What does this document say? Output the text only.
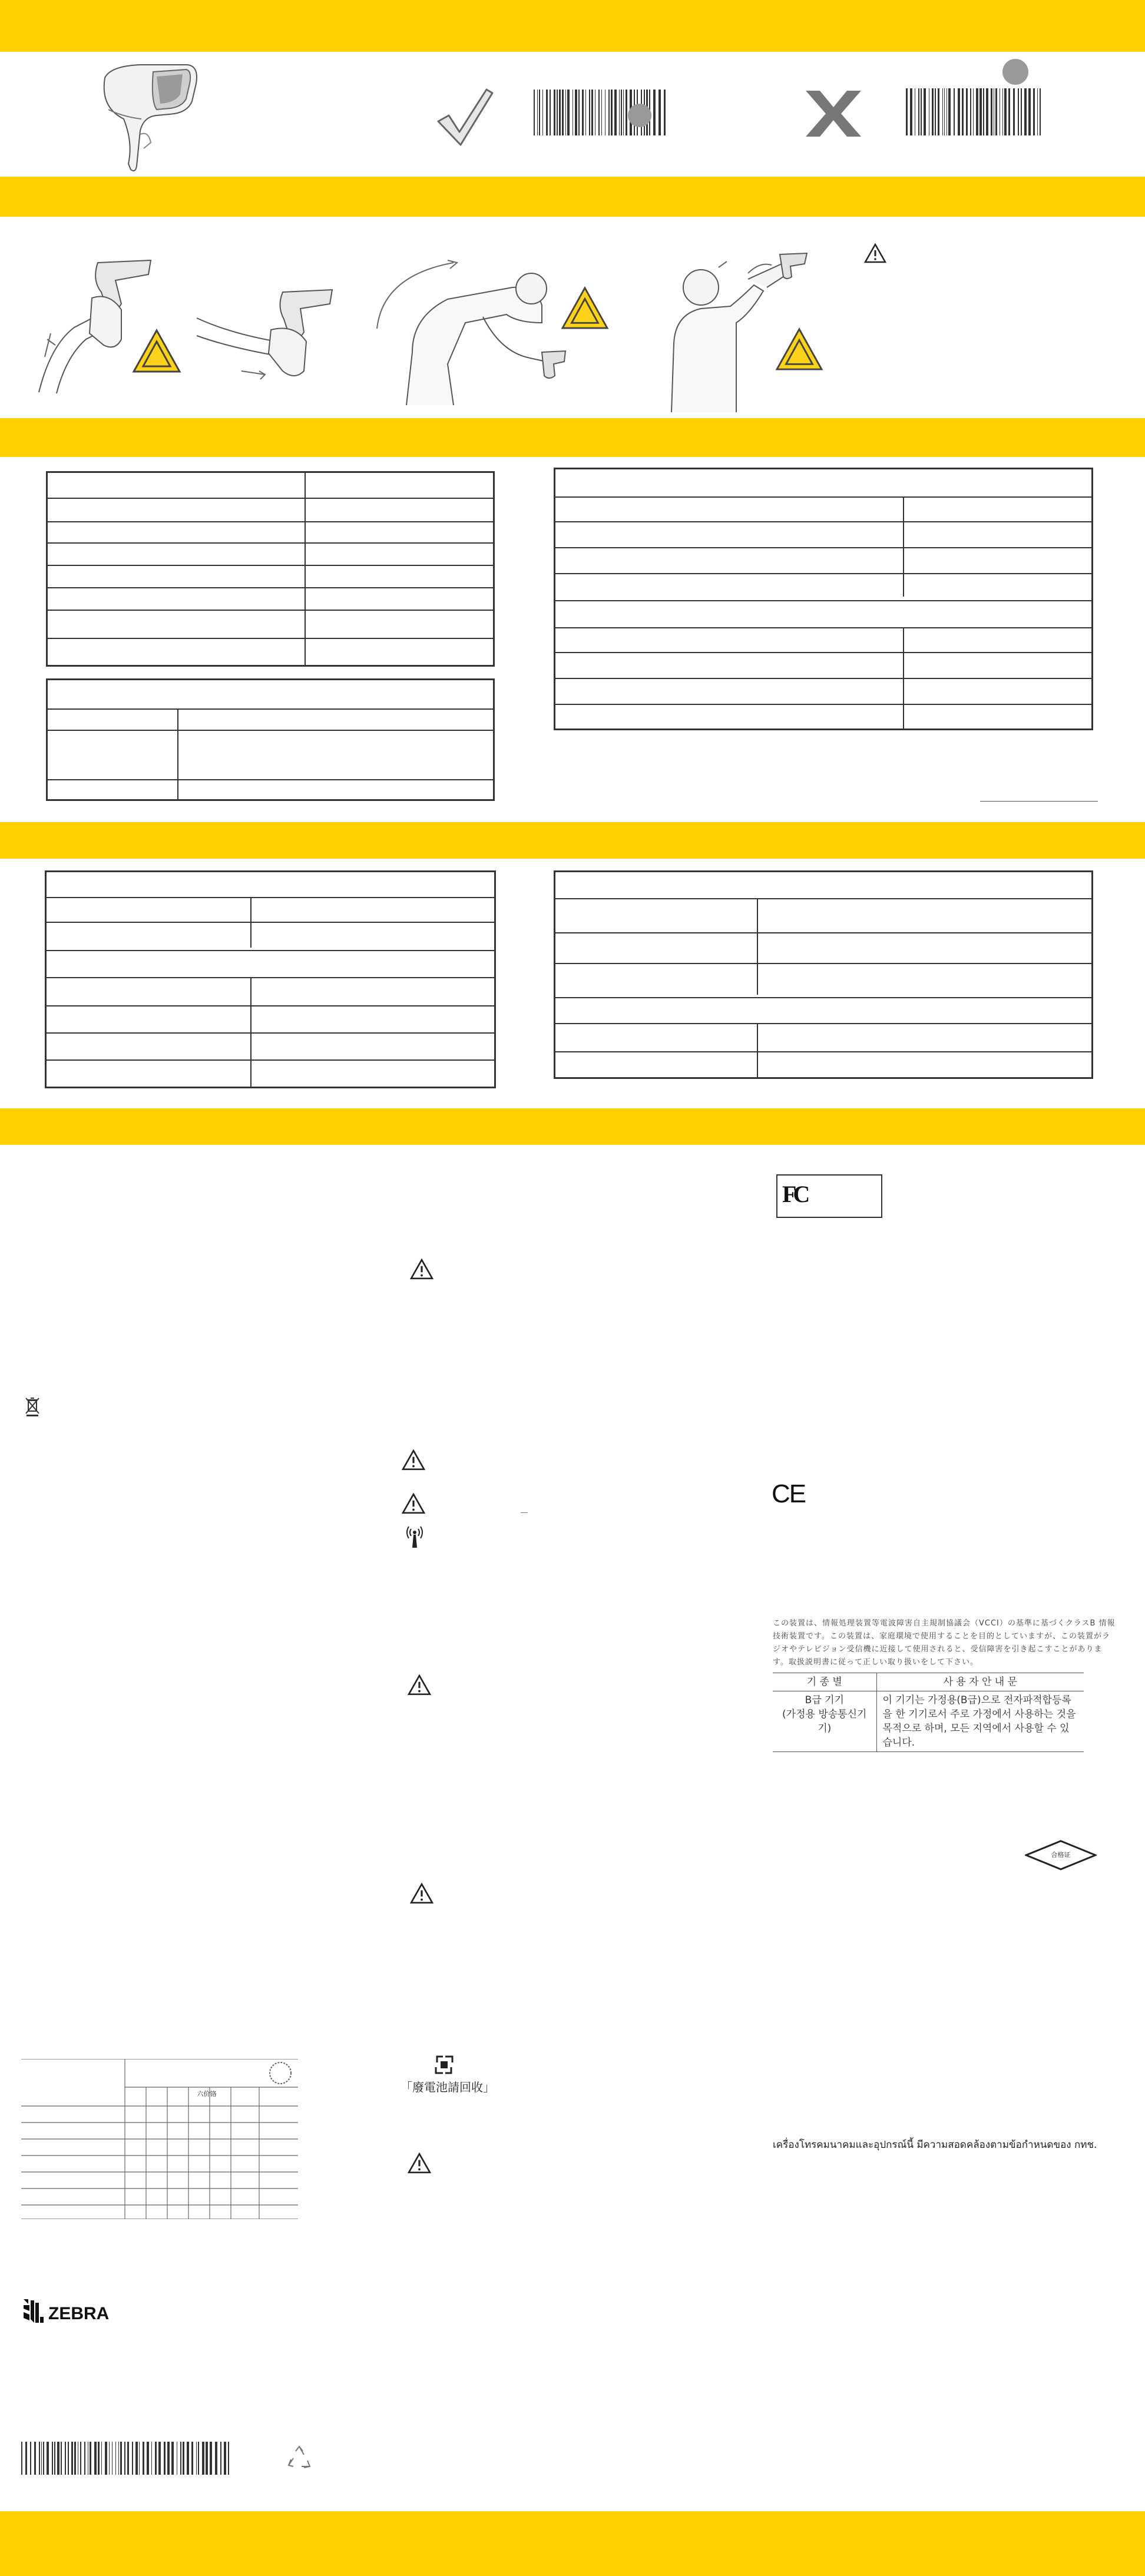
六价铬
ZEBRA
「廢電池請回收」
FC
CE
この装置は、情報処理装置等電波障害自主規制協議会（VCCI）の基準に基づくクラスB 情報技術装置です。この装置は、家庭環境で使用することを目的としていますが、この装置がラジオやテレビジョン受信機に近接して使用されると、受信障害を引き起こすことがあります。取扱説明書に従って正しい取り扱いをして下さい。
기 종 별	사 용 자 안 내 문

B급 기기
(가정용 방송통신기기)	이 기기는 가정용(B급)으로 전자파적합등록을 한 기기로서 주로 가정에서 사용하는 것을 목적으로 하며, 모든 지역에서 사용할 수 있습니다.
合格证
เครื่องโทรคมนาคมและอุปกรณ์นี้ มีความสอดคล้องตามข้อกำหนดของ กทช.
